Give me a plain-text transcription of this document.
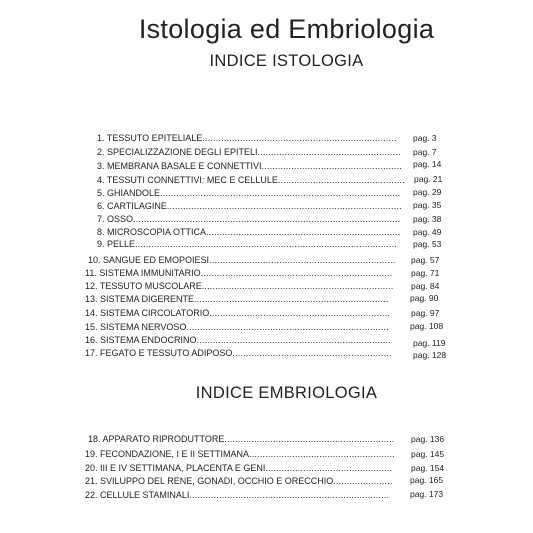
Istologia ed Embriologia
INDICE ISTOLOGIA
1. TESSUTO EPITELIALE........................................................................	pag. 3
2. SPECIALIZZAZIONE DEGLI EPITELI..................................................... pag. 7
3. MEMBRANA BASALE E CONNETTIVI.................................................... pag. 14
4. TESSUTI CONNETTIVI: MEC E CELLULE............................................... pag. 21
5. GHIANDOLE.........................................................................................	pag. 29
6. CARTILAGINE....................................................................................... pag. 35
7. OSSO...................................................................................................	pag. 38
8. MICROSCOPIA OTTICA........................................................................	pag. 49
9. PELLE.................................................................................................	pag. 53
10. SANGUE ED EMOPOIESI..................................................................... pag. 57
11. SISTEMA IMMUNITARIO.......................................................................	pag. 71
12. TESSUTO MUSCOLARE....................................................................... pag. 84
13. SISTEMA DIGERENTE........................................................................	pag. 90
14. SISTEMA CIRCOLATORIO...................................................................	pag. 97
15. SISTEMA NERVOSO...........................................................................	pag. 108
16. SISTEMA ENDOCRINO........................................................................	pag. 119
17. FEGATO E TESSUTO ADIPOSO...........................................................	pag. 128
INDICE EMBRIOLOGIA
18. APPARATO RIPRODUTTORE............................................................... pag. 136
19. FECONDAZIONE, I E II SETTIMANA...................................................... pag. 145
20. III E IV SETTIMANA, PLACENTA E GENI............................................... pag. 154
21. SVILUPPO DEL RENE, GONADI, OCCHIO E ORECCHIO...................... pag. 165
22. CELLULE STAMINALI..........................................................................	pag. 173
